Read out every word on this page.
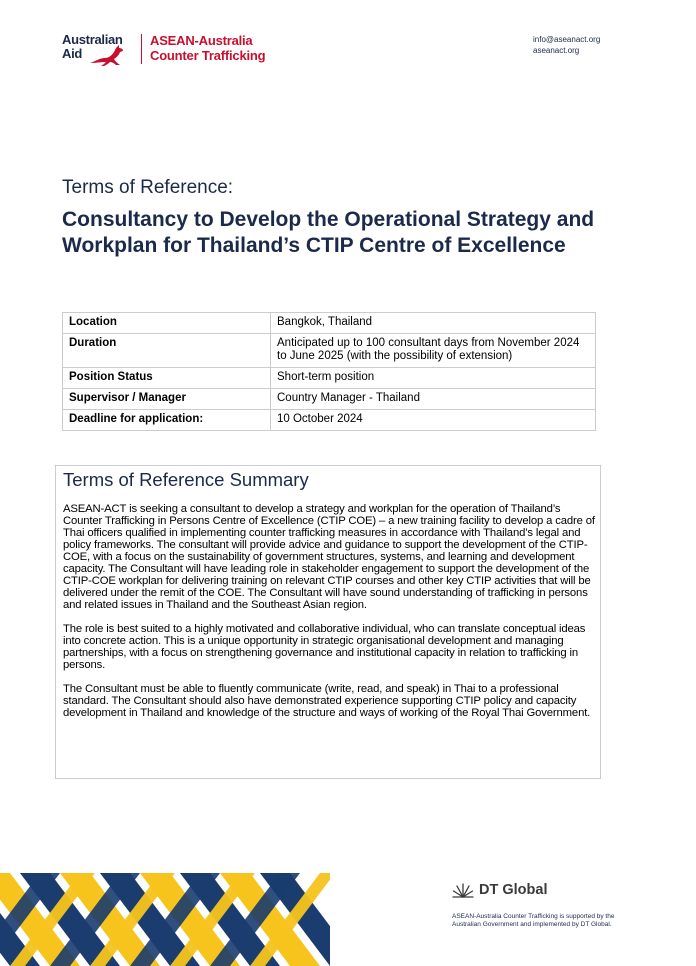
Australian
Aid
ASEAN-Australia
Counter Trafficking
info@aseanact.org
aseanact.org
Terms of Reference:
Consultancy to Develop the Operational Strategy and Workplan for Thailand’s CTIP Centre of Excellence
Location	Bangkok, Thailand
Duration	Anticipated up to 100 consultant days from November 2024 to June 2025 (with the possibility of extension)
Position Status	Short-term position
Supervisor / Manager	Country Manager - Thailand
Deadline for application:	10 October 2024
Terms of Reference Summary

ASEAN-ACT is seeking a consultant to develop a strategy and workplan for the operation of Thailand’s Counter Trafficking in Persons Centre of Excellence (CTIP COE) – a new training facility to develop a cadre of Thai officers qualified in implementing counter trafficking measures in accordance with Thailand’s legal and policy frameworks. The consultant will provide advice and guidance to support the development of the CTIP-COE, with a focus on the sustainability of government structures, systems, and learning and development capacity. The Consultant will have leading role in stakeholder engagement to support the development of the CTIP-COE workplan for delivering training on relevant CTIP courses and other key CTIP activities that will be delivered under the remit of the COE. The Consultant will have sound understanding of trafficking in persons and related issues in Thailand and the Southeast Asian region.

The role is best suited to a highly motivated and collaborative individual, who can translate conceptual ideas into concrete action. This is a unique opportunity in strategic organisational development and managing partnerships, with a focus on strengthening governance and institutional capacity in relation to trafficking in persons.

The Consultant must be able to fluently communicate (write, read, and speak) in Thai to a professional standard. The Consultant should also have demonstrated experience supporting CTIP policy and capacity development in Thailand and knowledge of the structure and ways of working of the Royal Thai Government.

DT Global
ASEAN-Australia Counter Trafficking is supported by the
Australian Government and implemented by DT Global.
